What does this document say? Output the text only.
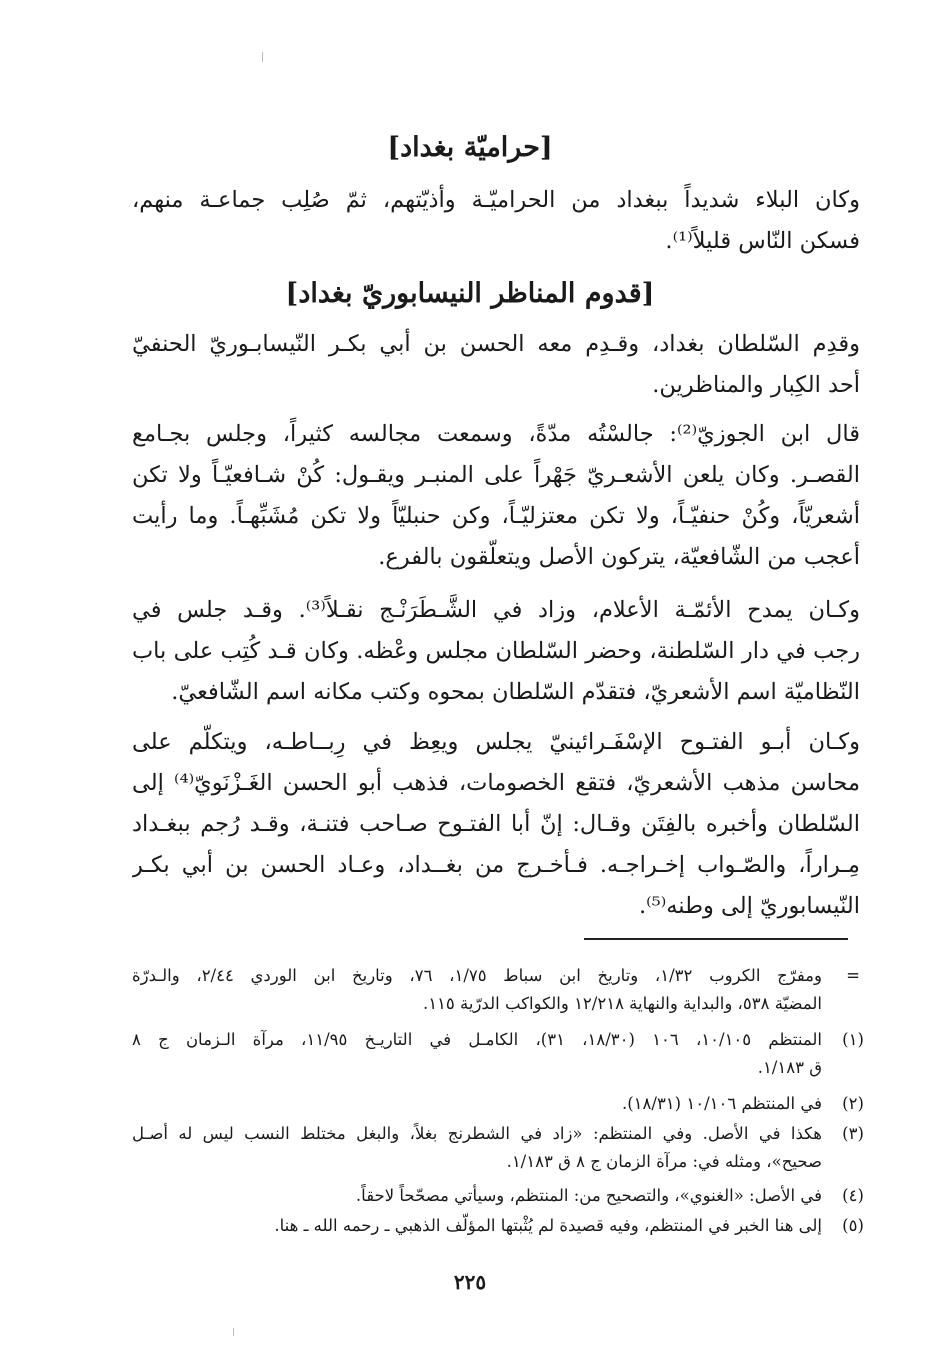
[حراميّة بغداد]
وكان البلاء شديداً ببغداد من الحراميّـة وأذيّتهم، ثمّ صُلِب جماعـة منهم،
فسكن النّاس قليلاً⁽¹⁾.
[قدوم المناظر النيسابوريّ بغداد]
وقدِم السّلطان بغداد، وقـدِم معه الحسن بن أبي بكـر النّيسابـوريّ الحنفيّ
أحد الكِبار والمناظرين.
قال ابن الجوزيّ⁽²⁾: جالسْتُه مدّةً، وسمعت مجالسه كثيراً، وجلس بجـامع
القصـر. وكان يلعن الأشعـريّ جَهْراً على المنبـر ويقـول: كُنْ شـافعيّـاً ولا تكن
أشعريّاً، وكُنْ حنفيّـاً، ولا تكن معتزليّـاً، وكن حنبليّاً ولا تكن مُشَبِّهـاً. وما رأيت
أعجب من الشّافعيّة، يتركون الأصل ويتعلّقون بالفرع.
وكـان يمدح الأئمّـة الأعلام، وزاد في الشَّـطَرَنْـج نقـلاً⁽³⁾. وقـد جلس في
رجب في دار السّلطنة، وحضر السّلطان مجلس وعْظه. وكان قـد كُتِب على باب
النّظاميّة اسم الأشعريّ، فتقدّم السّلطان بمحوه وكتب مكانه اسم الشّافعيّ.
وكـان أبـو الفتـوح الإسْفَـرائينيّ يجلس ويعِظ في رِبــاطـه، ويتكلّم على
محاسن مذهب الأشعريّ، فتقع الخصومات، فذهب أبو الحسن الغَـزْنَويّ⁽⁴⁾ إلى
السّلطان وأخبره بالفِتَن وقـال: إنّ أبا الفتـوح صـاحب فتنـة، وقـد رُجم ببغـداد
مِـراراً، والصّـواب إخـراجـه. فـأخـرج من بغــداد، وعـاد الحسن بن أبي بكـر
النّيسابوريّ إلى وطنه⁽⁵⁾.
=
ومفرّج الكروب ١/٣٢، وتاريخ ابن سباط ١/٧٥، ٧٦، وتاريخ ابن الوردي ٢/٤٤، والـدرّة
المضيّة ٥٣٨، والبداية والنهاية ١٢/٢١٨ والكواكب الدرّية ١١٥.
(١)
المنتظم ١٠/١٠٥، ١٠٦ (١٨/٣٠، ٣١)، الكامـل في التاريـخ ١١/٩٥، مرآة الـزمان ج ٨
ق ١/١٨٣.
(٢)
في المنتظم ١٠/١٠٦ (١٨/٣١).
(٣)
هكذا في الأصل. وفي المنتظم: «زاد في الشطرنج بغلاً، والبغل مختلط النسب ليس له أصـل
صحيح»، ومثله في: مرآة الزمان ج ٨ ق ١/١٨٣.
(٤)
في الأصل: «الغنوي»، والتصحيح من: المنتظم، وسيأتي مصحّحاً لاحقاً.
(٥)
إلى هنا الخبر في المنتظم، وفيه قصيدة لم يُثْبتها المؤلّف الذهبي ـ رحمه الله ـ هنا.
٢٢٥
